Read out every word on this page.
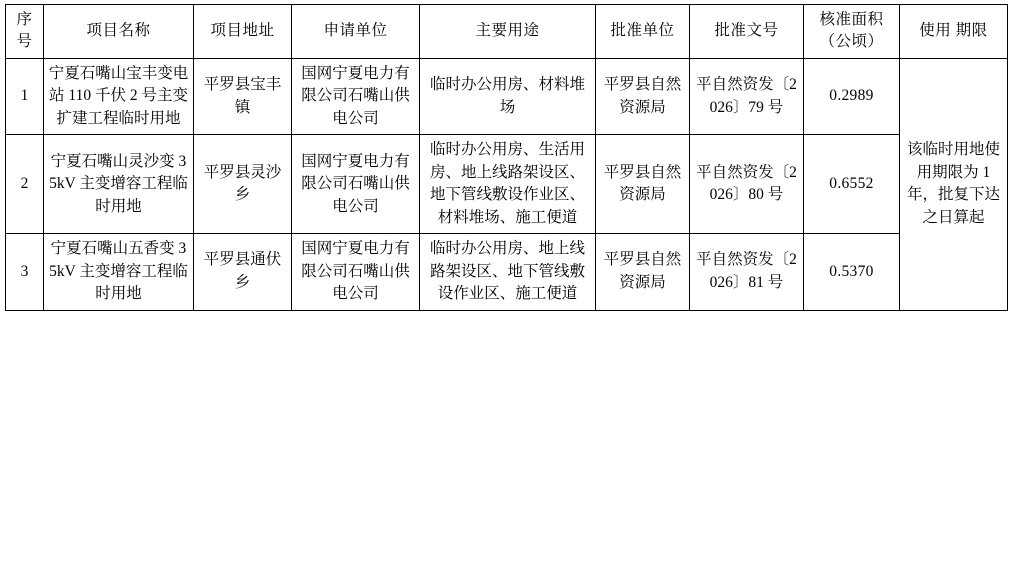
序 号	项目名称	项目地址	申请单位	主要用途	批准单位	批准文号	核准面积（公顷）	使用 期限
1	宁夏石嘴山宝丰变电站 110 千伏 2 号主变扩建工程临时用地	平罗县宝丰镇	国网宁夏电力有限公司石嘴山供电公司	临时办公用房、材料堆场	平罗县自然资源局	平自然资发〔2026〕79 号	0.2989	该临时用地使用期限为 1 年，批复下达之日算起
2	宁夏石嘴山灵沙变 35kV 主变增容工程临时用地	平罗县灵沙乡	国网宁夏电力有限公司石嘴山供电公司	临时办公用房、生活用房、地上线路架设区、地下管线敷设作业区、材料堆场、施工便道	平罗县自然资源局	平自然资发〔2026〕80 号	0.6552	
3	宁夏石嘴山五香变 35kV 主变增容工程临时用地	平罗县通伏乡	国网宁夏电力有限公司石嘴山供电公司	临时办公用房、地上线路架设区、地下管线敷设作业区、施工便道	平罗县自然资源局	平自然资发〔2026〕81 号	0.5370	
